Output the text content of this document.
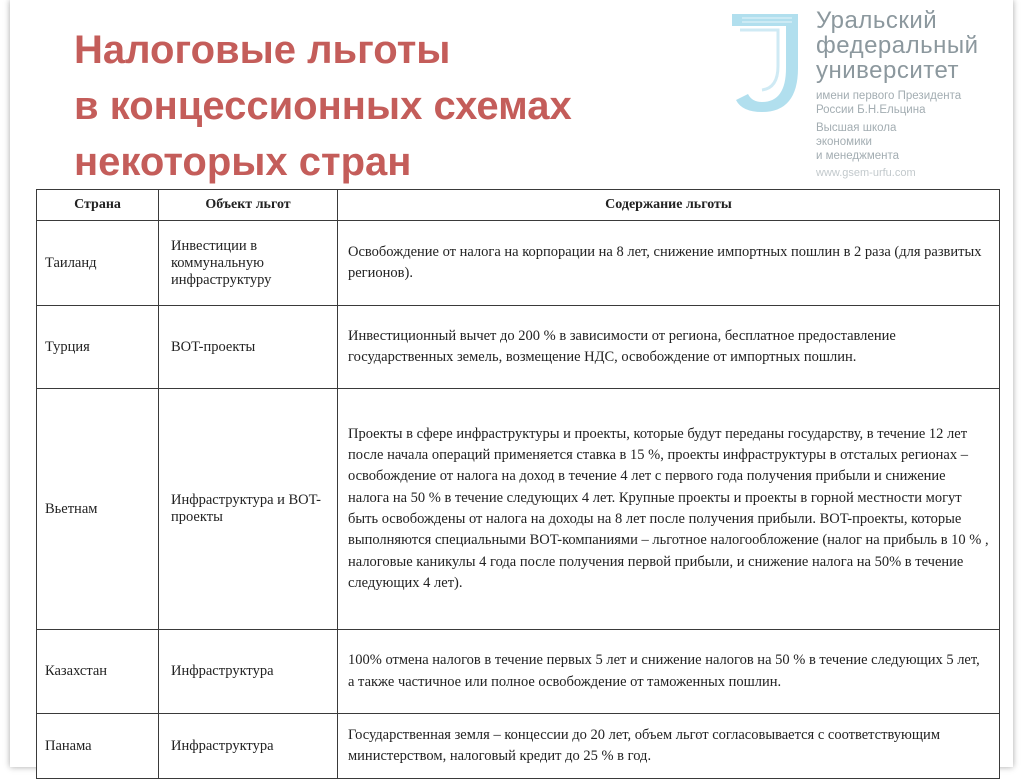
Налоговые льготы
в концессионных схемах
некоторых стран
Уральский
федеральный
университет
имени первого Президента
России Б.Н.Ельцина
Высшая школа
экономики
и менеджмента
www.gsem-urfu.com
Страна	Объект льгот	Содержание льготы
Таиланд	Инвестиции в коммунальную инфраструктуру	Освобождение от налога на корпорации на 8 лет, снижение импортных пошлин в 2 раза (для развитых регионов).
Турция	BOT-проекты	Инвестиционный вычет до 200 % в зависимости от региона, бесплатное предоставление государственных земель, возмещение НДС, освобождение от импортных пошлин.
Вьетнам	Инфраструктура и BOT-проекты	Проекты в сфере инфраструктуры и проекты, которые будут переданы государству, в течение 12 лет после начала операций применяется ставка в 15 %, проекты инфраструктуры в отсталых регионах – освобождение от налога на доход в течение 4 лет с первого года получения прибыли и снижение налога на 50 % в течение следующих 4 лет. Крупные проекты и проекты в горной местности могут быть освобождены от налога на доходы на 8 лет после получения прибыли. BOT-проекты, которые выполняются специальными BOT-компаниями – льготное налогообложение (налог на прибыль в 10 % , налоговые каникулы 4 года после получения первой прибыли, и снижение налога на 50% в течение следующих 4 лет).
Казахстан	Инфраструктура	100% отмена налогов в течение первых 5 лет и снижение налогов на 50 % в течение следующих 5 лет, а также частичное или полное освобождение от таможенных пошлин.
Панама	Инфраструктура	Государственная земля – концессии до 20 лет, объем льгот согласовывается с соответствующим министерством, налоговый кредит до 25 % в год.
